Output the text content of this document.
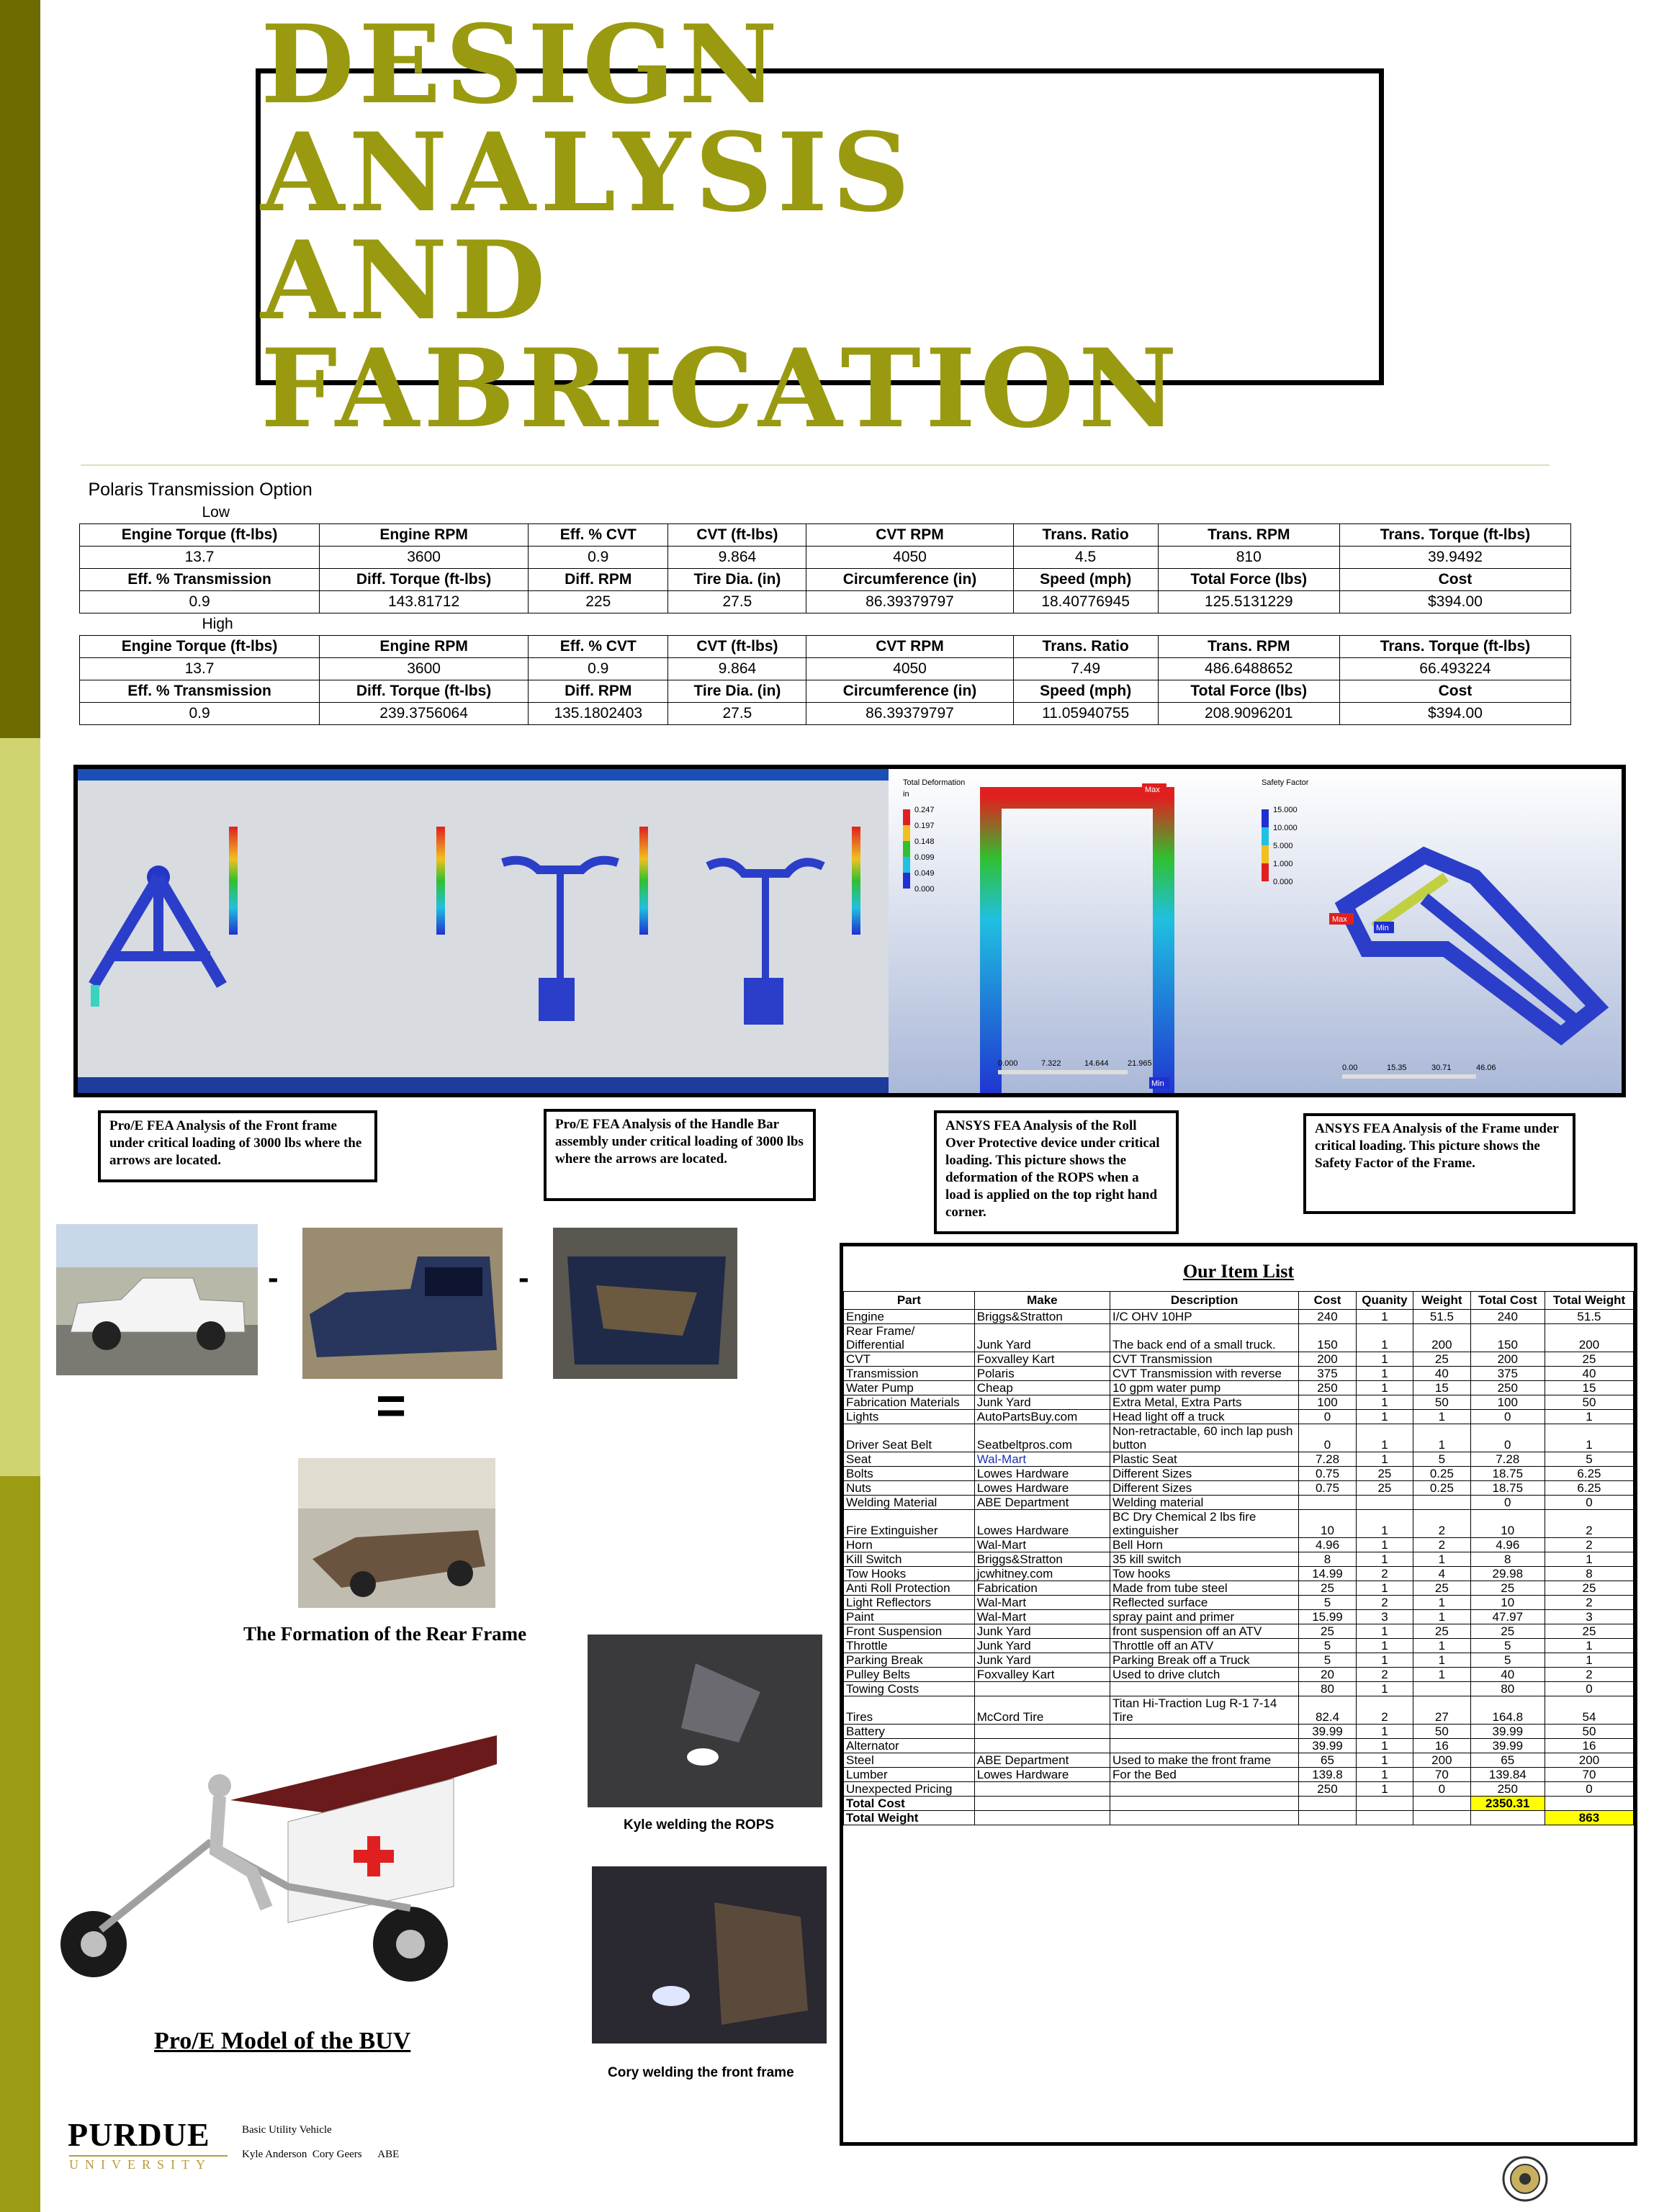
DESIGN ANALYSIS
AND FABRICATION
Polaris Transmission Option							
Low							
Engine Torque (ft-lbs)	Engine RPM	Eff. % CVT	CVT (ft-lbs)	CVT RPM	Trans. Ratio	Trans. RPM	Trans. Torque (ft-lbs)
13.7	3600	0.9	9.864	4050	4.5	810	39.9492
Eff. % Transmission	Diff. Torque (ft-lbs)	Diff. RPM	Tire Dia. (in)	Circumference (in)	Speed (mph)	Total Force (lbs)	Cost
0.9	143.81712	225	27.5	86.39379797	18.40776945	125.5131229	$394.00
High							
Engine Torque (ft-lbs)	Engine RPM	Eff. % CVT	CVT (ft-lbs)	CVT RPM	Trans. Ratio	Trans. RPM	Trans. Torque (ft-lbs)
13.7	3600	0.9	9.864	4050	7.49	486.6488652	66.493224
Eff. % Transmission	Diff. Torque (ft-lbs)	Diff. RPM	Tire Dia. (in)	Circumference (in)	Speed (mph)	Total Force (lbs)	Cost
0.9	239.3756064	135.1802403	27.5	86.39379797	11.05940755	208.9096201	$394.00
Total Deformation
in
0.247
0.197
0.148
0.099
0.049
0.000
Max
Min
0.000	7.322	14.644 21.965
Safety Factor
15.000
10.000
5.000
1.000
0.000
Max
Min
0.00	15.35	30.71	46.06
Pro/E FEA Analysis of the Front frame under critical loading of 3000 lbs where the arrows are located.
Pro/E FEA Analysis of the Handle Bar assembly under critical loading of 3000 lbs where the arrows are located.
ANSYS FEA Analysis of the Roll Over Protective device under critical loading. This picture shows the deformation of the ROPS when a load is applied on the top right hand corner.
ANSYS FEA Analysis of the Frame under critical loading. This picture shows the Safety Factor of the Frame.
-	-
=
The Formation of the Rear Frame
Kyle welding the ROPS
Cory welding the front frame
Pro/E Model of the BUV
PURDUE
UNIVERSITY
Basic Utility Vehicle
Kyle Anderson  Cory Geers      ABE
Our Item List
Part	Make	Description	Cost	Quanity	Weight	Total Cost	Total Weight
Engine	Briggs&Stratton	I/C OHV 10HP	240	1	51.5	240	51.5
Rear Frame/ Differential	Junk Yard	The back end of a small truck.	150	1	200	150	200
CVT	Foxvalley Kart	CVT Transmission	200	1	25	200	25
Transmission	Polaris	CVT Transmission with reverse	375	1	40	375	40
Water Pump	Cheap	10 gpm water pump	250	1	15	250	15
Fabrication Materials	Junk Yard	Extra Metal, Extra Parts	100	1	50	100	50
Lights	AutoPartsBuy.com	Head light off a truck	0	1	1	0	1
Driver Seat Belt	Seatbeltpros.com	Non-retractable, 60 inch lap push button	0	1	1	0	1
Seat	Wal-Mart	Plastic Seat	7.28	1	5	7.28	5
Bolts	Lowes Hardware	Different Sizes	0.75	25	0.25	18.75	6.25
Nuts	Lowes Hardware	Different Sizes	0.75	25	0.25	18.75	6.25
Welding Material	ABE Department	Welding material				0	0
Fire Extinguisher	Lowes Hardware	BC Dry Chemical 2 lbs fire extinguisher	10	1	2	10	2
Horn	Wal-Mart	Bell Horn	4.96	1	2	4.96	2
Kill Switch	Briggs&Stratton	35 kill switch	8	1	1	8	1
Tow Hooks	jcwhitney.com	Tow hooks	14.99	2	4	29.98	8
Anti Roll Protection	Fabrication	Made from tube steel	25	1	25	25	25
Light Reflectors	Wal-Mart	Reflected surface	5	2	1	10	2
Paint	Wal-Mart	spray paint and primer	15.99	3	1	47.97	3
Front Suspension	Junk Yard	front suspension off an ATV	25	1	25	25	25
Throttle	Junk Yard	Throttle off an ATV	5	1	1	5	1
Parking Break	Junk Yard	Parking Break off a Truck	5	1	1	5	1
Pulley Belts	Foxvalley Kart	Used to drive clutch	20	2	1	40	2
Towing Costs			80	1		80	0
Tires	McCord Tire	Titan Hi-Traction Lug R-1 7-14 Tire	82.4	2	27	164.8	54
Battery			39.99	1	50	39.99	50
Alternator			39.99	1	16	39.99	16
Steel	ABE Department	Used to make the front frame	65	1	200	65	200
Lumber	Lowes Hardware	For the Bed	139.8	1	70	139.84	70
Unexpected Pricing			250	1	0	250	0
Total Cost						2350.31	
Total Weight							863
